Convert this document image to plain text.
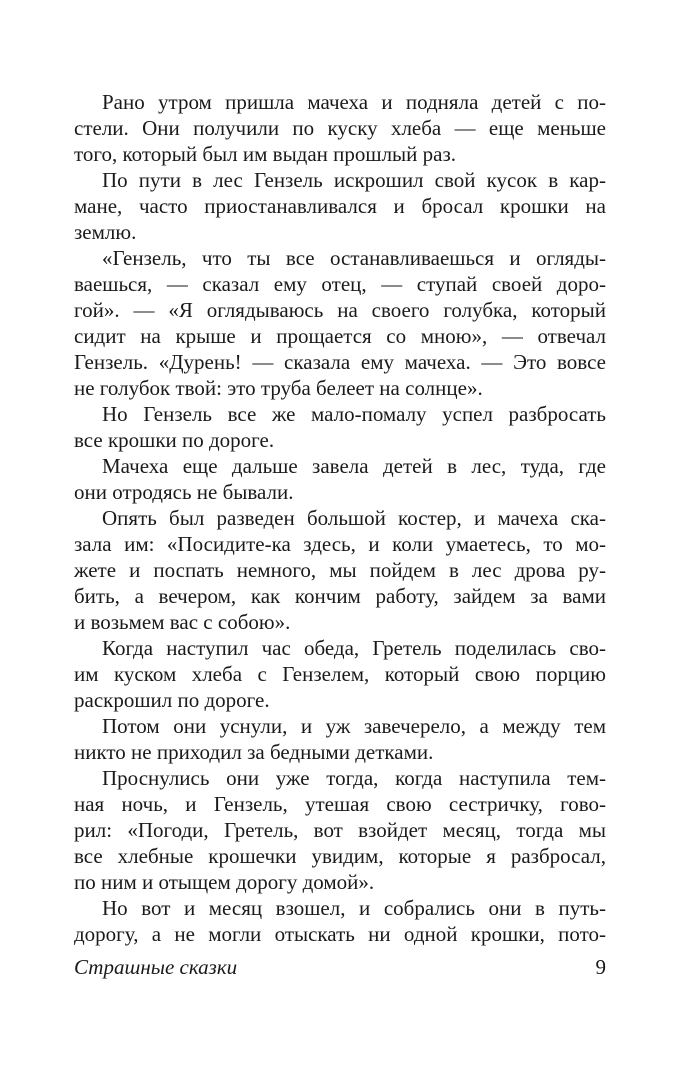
Рано утром пришла мачеха и подняла детей с по-
стели. Они получили по куску хлеба — еще меньше
того, который был им выдан прошлый раз.
По пути в лес Гензель искрошил свой кусок в кар-
мане, часто приостанавливался и бросал крошки на
землю.
«Гензель, что ты все останавливаешься и огляды-
ваешься, — сказал ему отец, — ступай своей доро-
гой». — «Я оглядываюсь на своего голубка, который
сидит на крыше и прощается со мною», — отвечал
Гензель. «Дурень! — сказала ему мачеха. — Это вовсе
не голубок твой: это труба белеет на солнце».
Но Гензель все же мало-помалу успел разбросать
все крошки по дороге.
Мачеха еще дальше завела детей в лес, туда, где
они отродясь не бывали.
Опять был разведен большой костер, и мачеха ска-
зала им: «Посидите-ка здесь, и коли умаетесь, то мо-
жете и поспать немного, мы пойдем в лес дрова ру-
бить, а вечером, как кончим работу, зайдем за вами
и возьмем вас с собою».
Когда наступил час обеда, Гретель поделилась сво-
им куском хлеба с Гензелем, который свою порцию
раскрошил по дороге.
Потом они уснули, и уж завечерело, а между тем
никто не приходил за бедными детками.
Проснулись они уже тогда, когда наступила тем-
ная ночь, и Гензель, утешая свою сестричку, гово-
рил: «Погоди, Гретель, вот взойдет месяц, тогда мы
все хлебные крошечки увидим, которые я разбросал,
по ним и отыщем дорогу домой».
Но вот и месяц взошел, и собрались они в путь-
дорогу, а не могли отыскать ни одной крошки, пото-
Страшные сказки	9
